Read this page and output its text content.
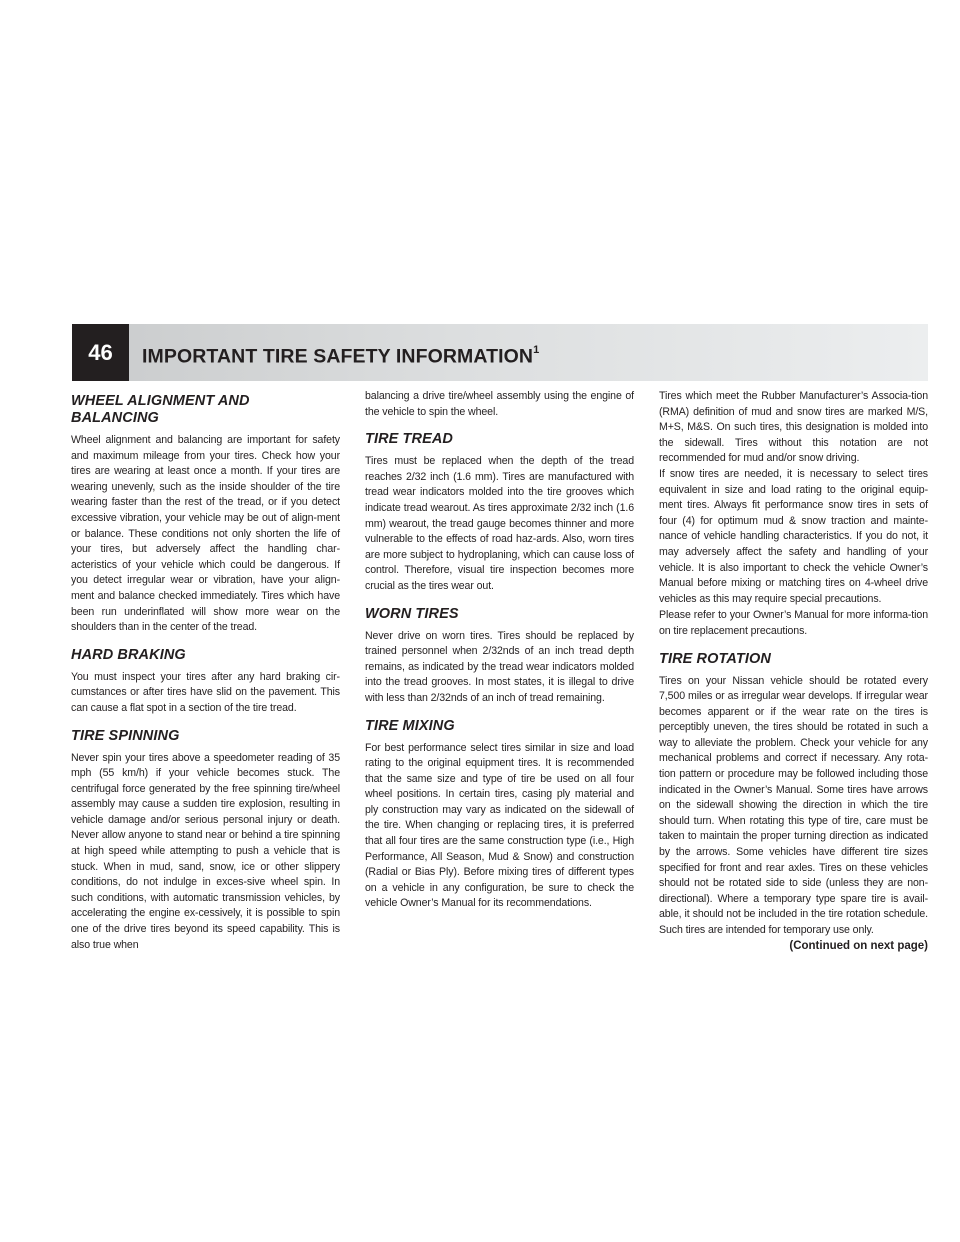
46	IMPORTANT TIRE SAFETY INFORMATION$^1$
WHEEL ALIGNMENT AND BALANCING

Wheel alignment and balancing are important for safety and maximum mileage from your tires. Check how your tires are wearing at least once a month. If your tires are wearing unevenly, such as the inside shoulder of the tire wearing faster than the rest of the tread, or if you detect excessive vibration, your vehicle may be out of align-ment or balance. These conditions not only shorten the life of your tires, but adversely affect the handling char-acteristics of your vehicle which could be dangerous. If you detect irregular wear or vibration, have your align-ment and balance checked immediately. Tires which have been run underinflated will show more wear on the shoulders than in the center of the tread.

HARD BRAKING

You must inspect your tires after any hard braking cir-cumstances or after tires have slid on the pavement. This can cause a flat spot in a section of the tire tread.

TIRE SPINNING

Never spin your tires above a speedometer reading of 35 mph (55 km/h) if your vehicle becomes stuck. The centrifugal force generated by the free spinning tire/wheel assembly may cause a sudden tire explosion, resulting in vehicle damage and/or serious personal injury or death. Never allow anyone to stand near or behind a tire spinning at high speed while attempting to push a vehicle that is stuck. When in mud, sand, snow, ice or other slippery conditions, do not indulge in exces-sive wheel spin. In such conditions, with automatic transmission vehicles, by accelerating the engine ex-cessively, it is possible to spin one of the drive tires beyond its speed capability. This is also true when

balancing a drive tire/wheel assembly using the engine of the vehicle to spin the wheel.

TIRE TREAD

Tires must be replaced when the depth of the tread reaches 2/32 inch (1.6 mm). Tires are manufactured with tread wear indicators molded into the tire grooves which indicate tread wearout. As tires approximate 2/32 inch (1.6 mm) wearout, the tread gauge becomes thinner and more vulnerable to the effects of road haz-ards. Also, worn tires are more subject to hydroplaning, which can cause loss of control. Therefore, visual tire inspection becomes more crucial as the tires wear out.

WORN TIRES

Never drive on worn tires. Tires should be replaced by trained personnel when 2/32nds of an inch tread depth remains, as indicated by the tread wear indicators molded into the tread grooves. In most states, it is illegal to drive with less than 2/32nds of an inch of tread remaining.

TIRE MIXING

For best performance select tires similar in size and load rating to the original equipment tires. It is recommended that the same size and type of tire be used on all four wheel positions. In certain tires, casing ply material and ply construction may vary as indicated on the sidewall of the tire. When changing or replacing tires, it is preferred that all four tires are the same construction type (i.e., High Performance, All Season, Mud & Snow) and construction (Radial or Bias Ply). Before mixing tires of different types on a vehicle in any configuration, be sure to check the vehicle Owner’s Manual for its recommendations.

Tires which meet the Rubber Manufacturer’s Associa-tion (RMA) definition of mud and snow tires are marked M/S, M+S, M&S. On such tires, this designation is molded into the sidewall. Tires without this notation are not recommended for mud and/or snow driving.

If snow tires are needed, it is necessary to select tires equivalent in size and load rating to the original equip-ment tires. Always fit performance snow tires in sets of four (4) for optimum mud & snow traction and mainte-nance of vehicle handling characteristics. If you do not, it may adversely affect the safety and handling of your vehicle. It is also important to check the vehicle Owner’s Manual before mixing or matching tires on 4-wheel drive vehicles as this may require special precautions.

Please refer to your Owner’s Manual for more informa-tion on tire replacement precautions.

TIRE ROTATION

Tires on your Nissan vehicle should be rotated every 7,500 miles or as irregular wear develops. If irregular wear becomes apparent or if the wear rate on the tires is perceptibly uneven, the tires should be rotated in such a way to alleviate the problem. Check your vehicle for any mechanical problems and correct if necessary. Any rota-tion pattern or procedure may be followed including those indicated in the Owner’s Manual. Some tires have arrows on the sidewall showing the direction in which the tire should turn. When rotating this type of tire, care must be taken to maintain the proper turning direction as indicated by the arrows. Some vehicles have different tire sizes specified for front and rear axles. Tires on these vehicles should not be rotated side to side (unless they are non-directional). Where a temporary type spare tire is avail-able, it should not be included in the tire rotation schedule. Such tires are intended for temporary use only.

(Continued on next page)
